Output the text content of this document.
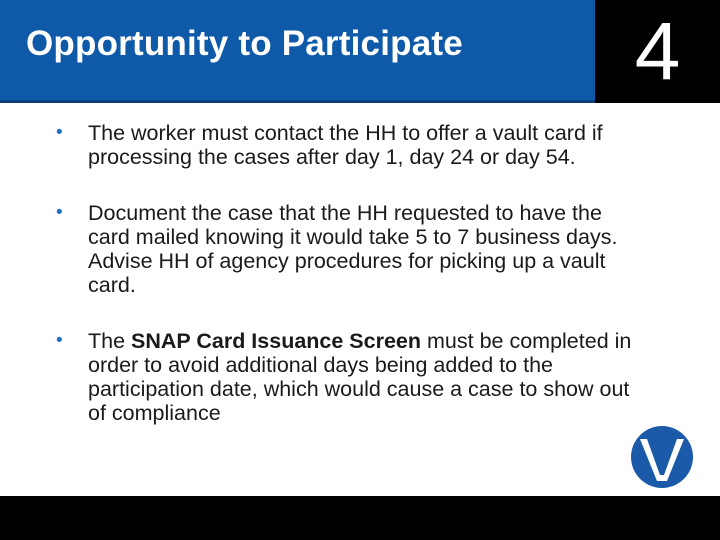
Opportunity to Participate	4
•	The worker must contact the HH to offer a vault card if processing the cases after day 1, day 24 or day 54.
•	Document the case that the HH requested to have the card mailed knowing it would take 5 to 7 business days. Advise HH of agency procedures for picking up a vault card.
•	The SNAP Card Issuance Screen must be completed in order to avoid additional days being added to the participation date, which would cause a case to show out of compliance
